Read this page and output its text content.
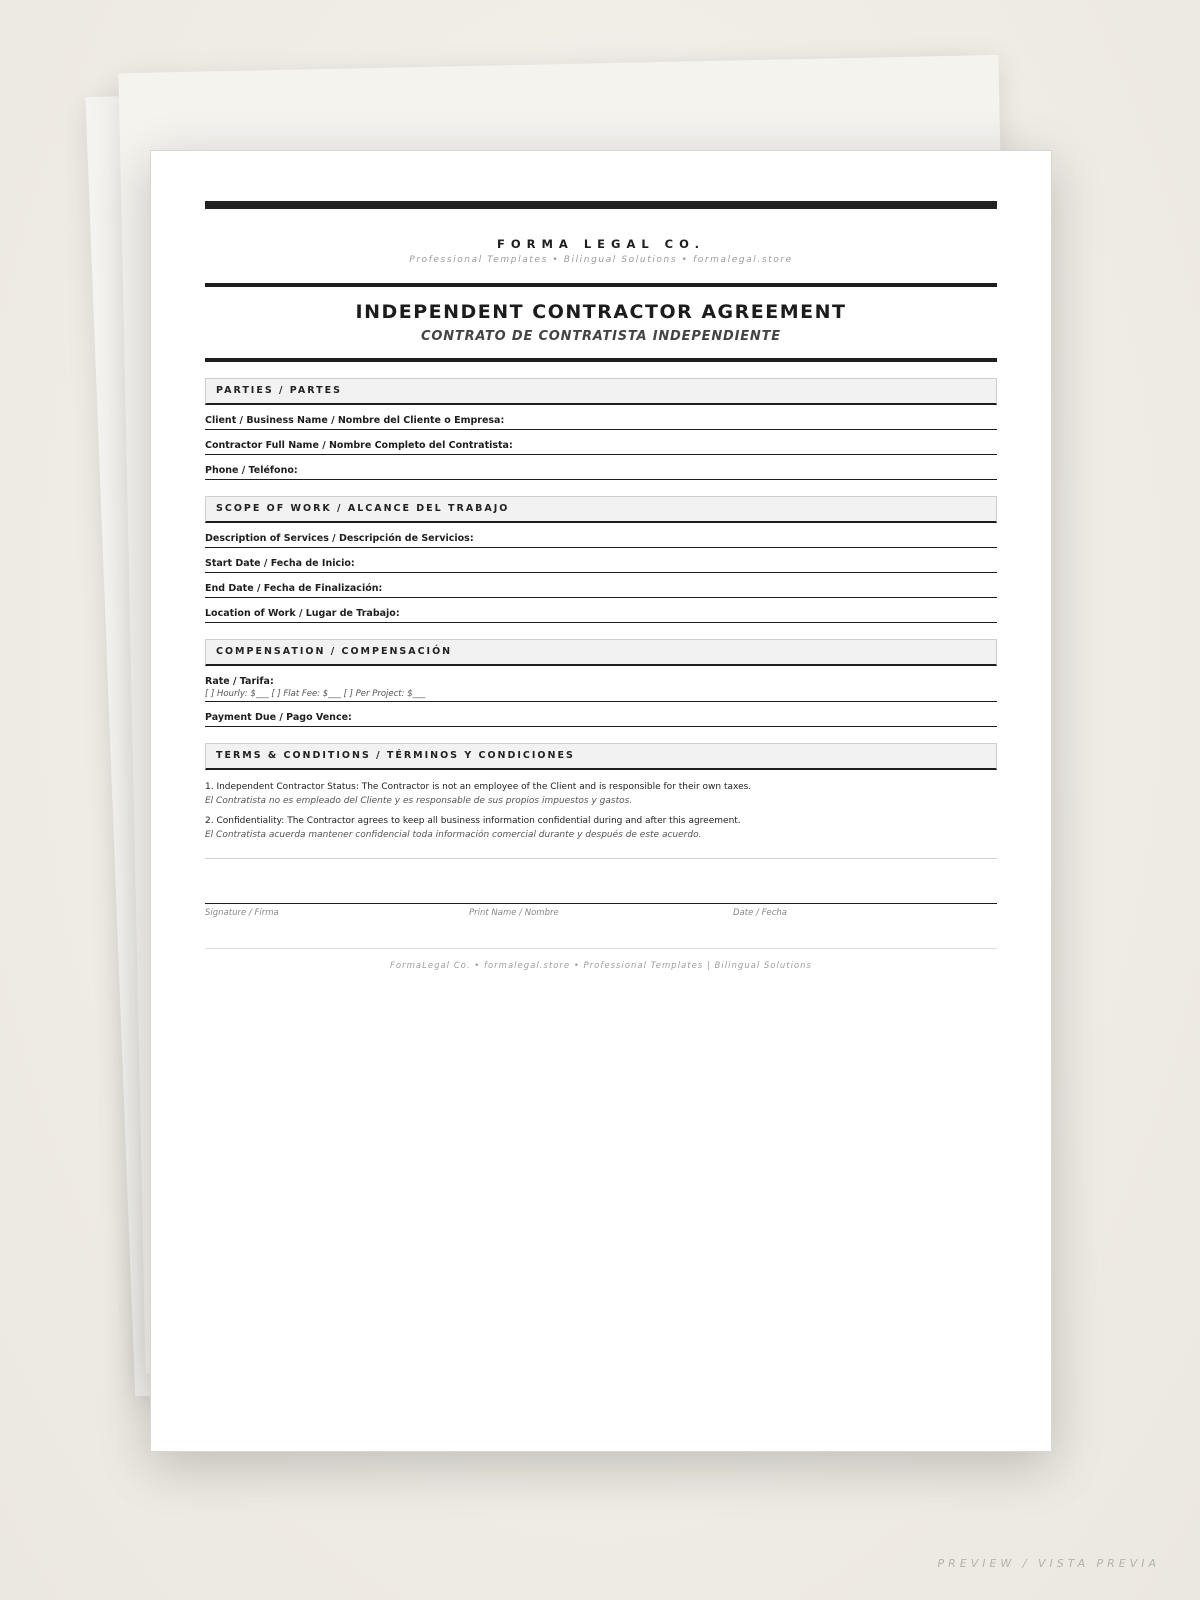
FORMA LEGAL CO.
Professional Templates • Bilingual Solutions • formalegal.store
INDEPENDENT CONTRACTOR AGREEMENT
CONTRATO DE CONTRATISTA INDEPENDIENTE
PARTIES / PARTES
Client / Business Name / Nombre del Cliente o Empresa:
Contractor Full Name / Nombre Completo del Contratista:
Phone / Teléfono:
SCOPE OF WORK / ALCANCE DEL TRABAJO
Description of Services / Descripción de Servicios:
Start Date / Fecha de Inicio:
End Date / Fecha de Finalización:
Location of Work / Lugar de Trabajo:
COMPENSATION / COMPENSACIÓN
Rate / Tarifa:
[ ] Hourly: $___ [ ] Flat Fee: $___ [ ] Per Project: $___
Payment Due / Pago Vence:
TERMS & CONDITIONS / TÉRMINOS Y CONDICIONES
1. Independent Contractor Status: The Contractor is not an employee of the Client and is responsible for their own taxes.
El Contratista no es empleado del Cliente y es responsable de sus propios impuestos y gastos.
2. Confidentiality: The Contractor agrees to keep all business information confidential during and after this agreement.
El Contratista acuerda mantener confidencial toda información comercial durante y después de este acuerdo.
Signature / Firma	Print Name / Nombre	Date / Fecha
FormaLegal Co. • formalegal.store • Professional Templates | Bilingual Solutions
PREVIEW / VISTA PREVIA
